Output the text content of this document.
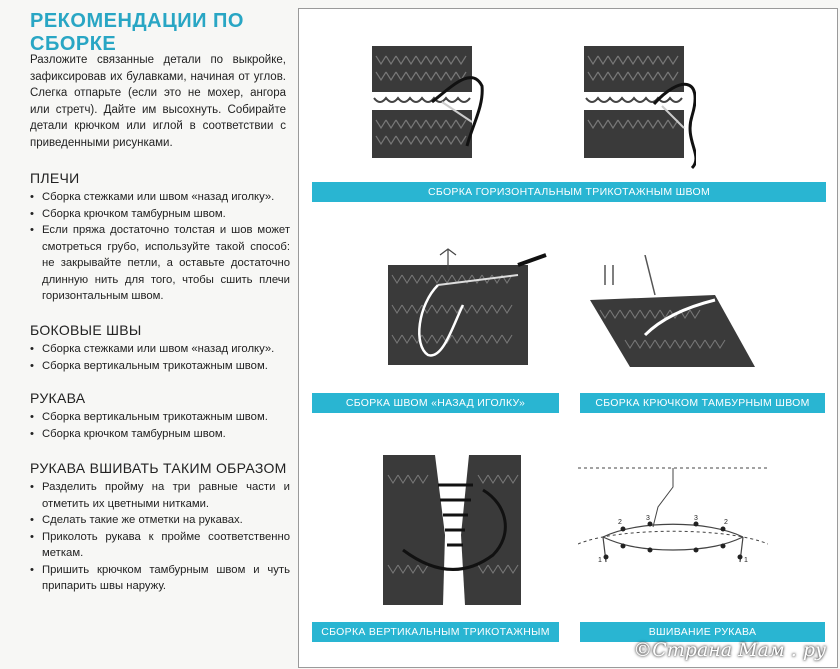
РЕКОМЕНДАЦИИ ПО СБОРКЕ
Разложите связанные детали по выкройке, зафиксировав их булавками, начиная от углов. Слегка отпарьте (если это не мохер, ангора или стретч). Дайте им высохнуть. Собирайте детали крючком или иглой в соответствии с приведенными рисунками.
ПЛЕЧИ
• Сборка стежками или швом «назад иголку».
• Сборка крючком тамбурным швом.
• Если пряжа достаточно толстая и шов может смотреться грубо, используйте такой способ: не закрывайте петли, а оставьте достаточно длинную нить для того, чтобы сшить плечи горизонтальным швом.
БОКОВЫЕ ШВЫ
• Сборка стежками или швом «назад иголку».
• Сборка вертикальным трикотажным швом.
РУКАВА
• Сборка вертикальным трикотажным швом.
• Сборка крючком тамбурным швом.
РУКАВА ВШИВАТЬ ТАКИМ ОБРАЗОМ
• Разделить пройму на три равные части и отметить их цветными нитками.
• Сделать такие же отметки на рукавах.
• Приколоть рукава к пройме соответственно меткам.
• Пришить крючком тамбурным швом и чуть припарить швы наружу.
СБОРКА ГОРИЗОНТАЛЬНЫМ ТРИКОТАЖНЫМ ШВОМ
СБОРКА ШВОМ «НАЗАД ИГОЛКУ»	СБОРКА КРЮЧКОМ ТАМБУРНЫМ ШВОМ
1
2
3	3
2
1
СБОРКА ВЕРТИКАЛЬНЫМ ТРИКОТАЖНЫМ ШВОМ
ВШИВАНИЕ РУКАВА
©Страна Мам . ру
